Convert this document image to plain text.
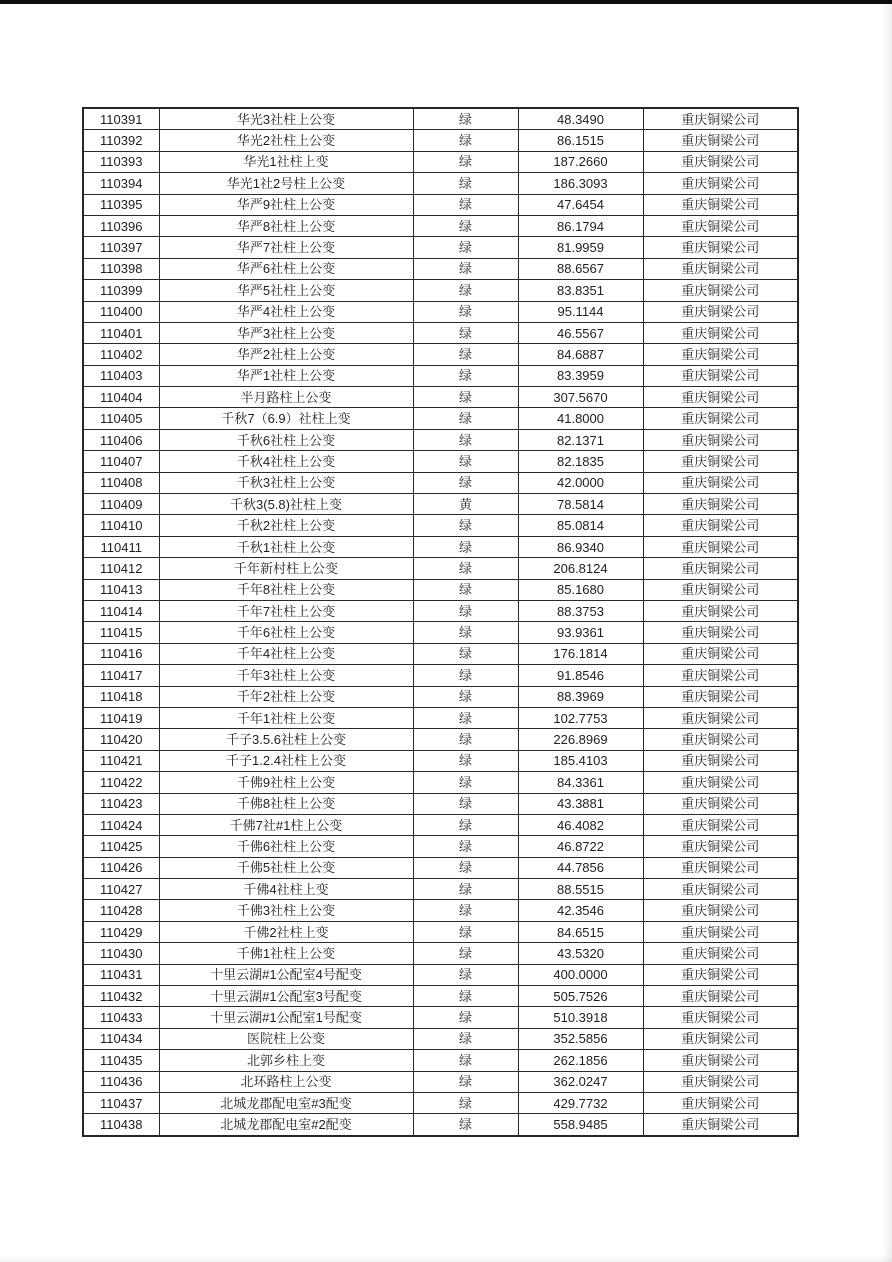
110391	华光3社柱上公变	绿	48.3490	重庆铜梁公司
110392	华光2社柱上公变	绿	86.1515	重庆铜梁公司
110393	华光1社柱上变	绿	187.2660	重庆铜梁公司
110394	华光1社2号柱上公变	绿	186.3093	重庆铜梁公司
110395	华严9社柱上公变	绿	47.6454	重庆铜梁公司
110396	华严8社柱上公变	绿	86.1794	重庆铜梁公司
110397	华严7社柱上公变	绿	81.9959	重庆铜梁公司
110398	华严6社柱上公变	绿	88.6567	重庆铜梁公司
110399	华严5社柱上公变	绿	83.8351	重庆铜梁公司
110400	华严4社柱上公变	绿	95.1144	重庆铜梁公司
110401	华严3社柱上公变	绿	46.5567	重庆铜梁公司
110402	华严2社柱上公变	绿	84.6887	重庆铜梁公司
110403	华严1社柱上公变	绿	83.3959	重庆铜梁公司
110404	半月路柱上公变	绿	307.5670	重庆铜梁公司
110405	千秋7（6.9）社柱上变	绿	41.8000	重庆铜梁公司
110406	千秋6社柱上公变	绿	82.1371	重庆铜梁公司
110407	千秋4社柱上公变	绿	82.1835	重庆铜梁公司
110408	千秋3社柱上公变	绿	42.0000	重庆铜梁公司
110409	千秋3(5.8)社柱上变	黄	78.5814	重庆铜梁公司
110410	千秋2社柱上公变	绿	85.0814	重庆铜梁公司
110411	千秋1社柱上公变	绿	86.9340	重庆铜梁公司
110412	千年新村柱上公变	绿	206.8124	重庆铜梁公司
110413	千年8社柱上公变	绿	85.1680	重庆铜梁公司
110414	千年7社柱上公变	绿	88.3753	重庆铜梁公司
110415	千年6社柱上公变	绿	93.9361	重庆铜梁公司
110416	千年4社柱上公变	绿	176.1814	重庆铜梁公司
110417	千年3社柱上公变	绿	91.8546	重庆铜梁公司
110418	千年2社柱上公变	绿	88.3969	重庆铜梁公司
110419	千年1社柱上公变	绿	102.7753	重庆铜梁公司
110420	千子3.5.6社柱上公变	绿	226.8969	重庆铜梁公司
110421	千子1.2.4社柱上公变	绿	185.4103	重庆铜梁公司
110422	千佛9社柱上公变	绿	84.3361	重庆铜梁公司
110423	千佛8社柱上公变	绿	43.3881	重庆铜梁公司
110424	千佛7社#1柱上公变	绿	46.4082	重庆铜梁公司
110425	千佛6社柱上公变	绿	46.8722	重庆铜梁公司
110426	千佛5社柱上公变	绿	44.7856	重庆铜梁公司
110427	千佛4社柱上变	绿	88.5515	重庆铜梁公司
110428	千佛3社柱上公变	绿	42.3546	重庆铜梁公司
110429	千佛2社柱上变	绿	84.6515	重庆铜梁公司
110430	千佛1社柱上公变	绿	43.5320	重庆铜梁公司
110431	十里云湖#1公配室4号配变	绿	400.0000	重庆铜梁公司
110432	十里云湖#1公配室3号配变	绿	505.7526	重庆铜梁公司
110433	十里云湖#1公配室1号配变	绿	510.3918	重庆铜梁公司
110434	医院柱上公变	绿	352.5856	重庆铜梁公司
110435	北郭乡柱上变	绿	262.1856	重庆铜梁公司
110436	北环路柱上公变	绿	362.0247	重庆铜梁公司
110437	北城龙郡配电室#3配变	绿	429.7732	重庆铜梁公司
110438	北城龙郡配电室#2配变	绿	558.9485	重庆铜梁公司
